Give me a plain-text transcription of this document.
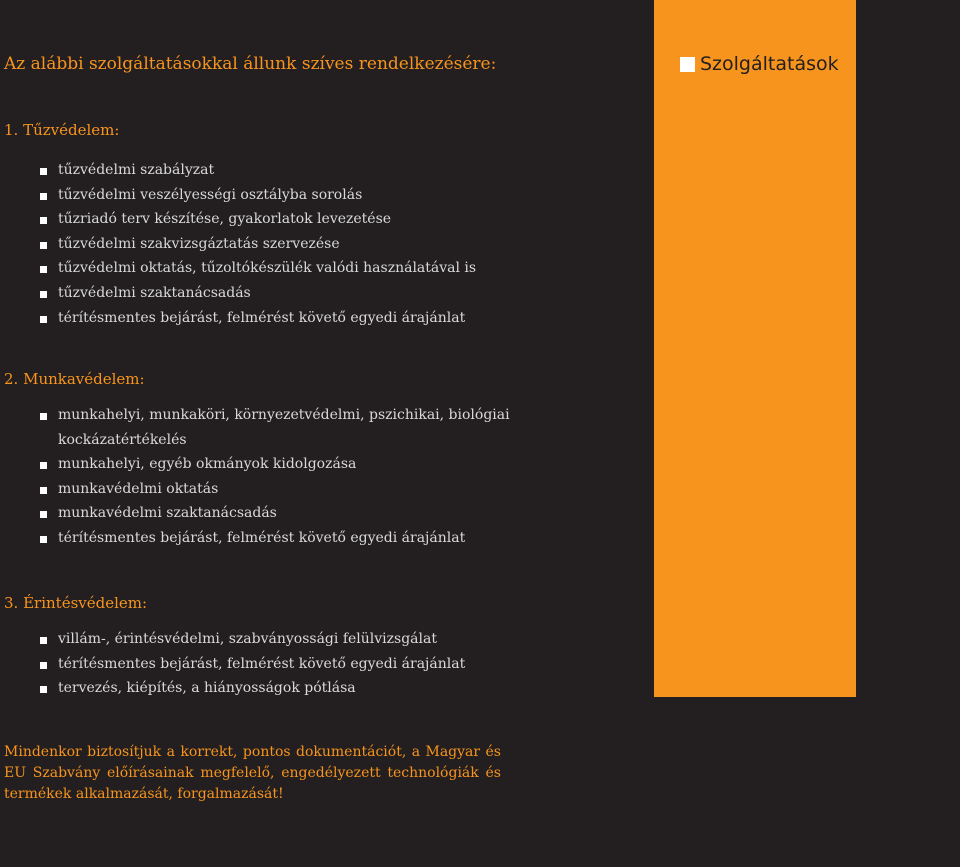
Az alábbi szolgáltatásokkal állunk szíves rendelkezésére:	Szolgáltatások
1. Tűzvédelem:
tűzvédelmi szabályzat
tűzvédelmi veszélyességi osztályba sorolás
tűzriadó terv készítése, gyakorlatok levezetése
tűzvédelmi szakvizsgáztatás szervezése
tűzvédelmi oktatás, tűzoltókészülék valódi használatával is
tűzvédelmi szaktanácsadás
térítésmentes bejárást, felmérést követő egyedi árajánlat
2. Munkavédelem:
munkahelyi, munkaköri, környezetvédelmi, pszichikai, biológiai kockázatértékelés
munkahelyi, egyéb okmányok kidolgozása
munkavédelmi oktatás
munkavédelmi szaktanácsadás
térítésmentes bejárást, felmérést követő egyedi árajánlat
3. Érintésvédelem:
villám-, érintésvédelmi, szabványossági felülvizsgálat
térítésmentes bejárást, felmérést követő egyedi árajánlat
tervezés, kiépítés, a hiányosságok pótlása

Mindenkor biztosítjuk a korrekt, pontos dokumentációt, a Magyar és EU Szabvány előírásainak megfelelő, engedélyezett technológiák és termékek alkalmazását, forgalmazását!
